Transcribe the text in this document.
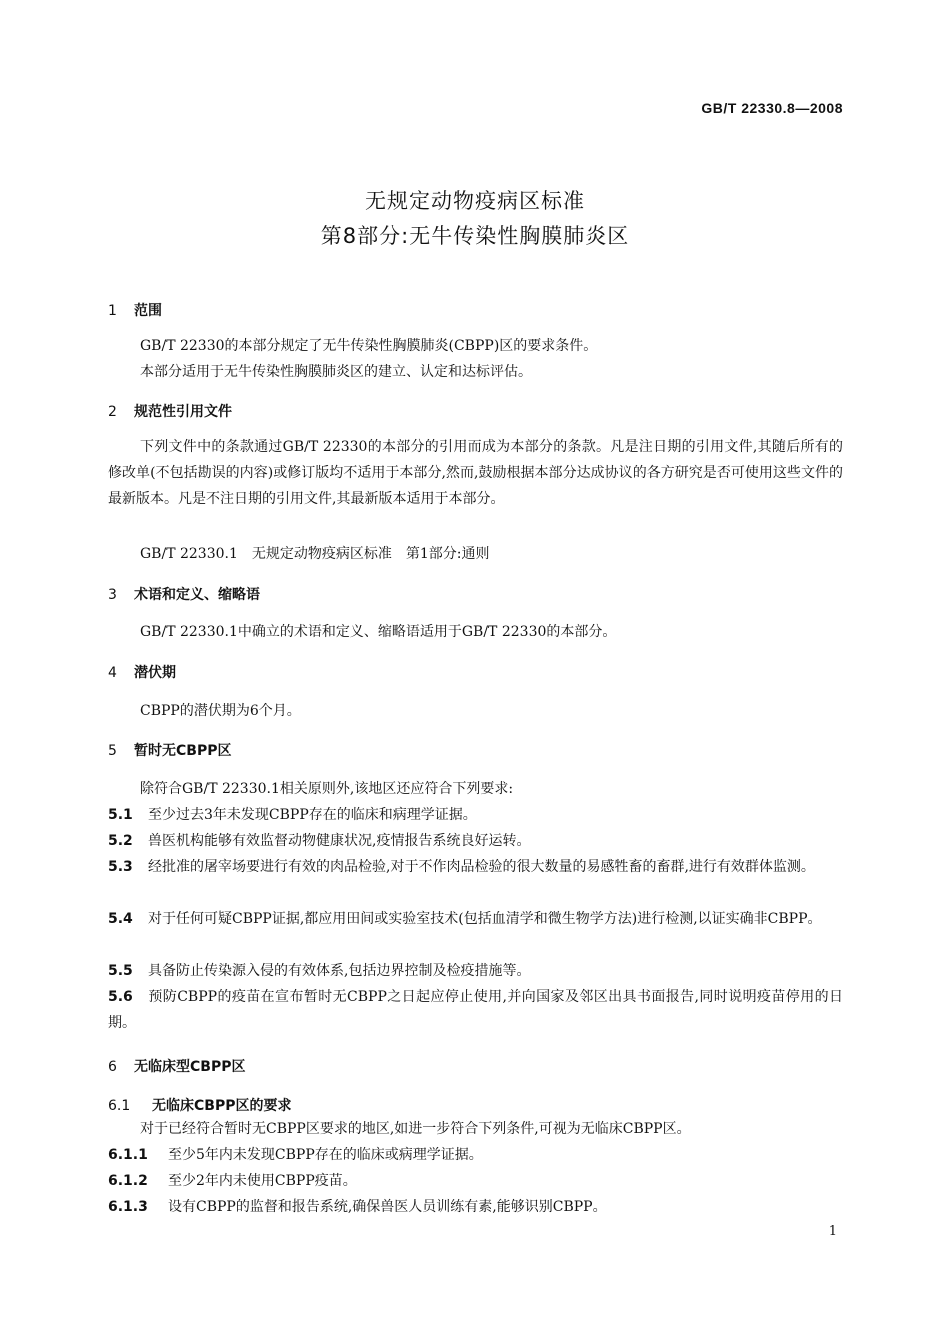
GB/T 22330.8—2008
无规定动物疫病区标准
第8部分:无牛传染性胸膜肺炎区
1 范围
GB/T 22330的本部分规定了无牛传染性胸膜肺炎(CBPP)区的要求条件。
本部分适用于无牛传染性胸膜肺炎区的建立、认定和达标评估。
2 规范性引用文件
下列文件中的条款通过GB/T 22330的本部分的引用而成为本部分的条款。凡是注日期的引用文件,其随后所有的修改单(不包括勘误的内容)或修订版均不适用于本部分,然而,鼓励根据本部分达成协议的各方研究是否可使用这些文件的最新版本。凡是不注日期的引用文件,其最新版本适用于本部分。
GB/T 22330.1　无规定动物疫病区标准　第1部分:通则
3 术语和定义、缩略语
GB/T 22330.1中确立的术语和定义、缩略语适用于GB/T 22330的本部分。
4 潜伏期
CBPP的潜伏期为6个月。
5 暂时无CBPP区
除符合GB/T 22330.1相关原则外,该地区还应符合下列要求:
5.1 至少过去3年未发现CBPP存在的临床和病理学证据。
5.2 兽医机构能够有效监督动物健康状况,疫情报告系统良好运转。
5.3 经批准的屠宰场要进行有效的肉品检验,对于不作肉品检验的很大数量的易感牲畜的畜群,进行有效群体监测。
5.4 对于任何可疑CBPP证据,都应用田间或实验室技术(包括血清学和微生物学方法)进行检测,以证实确非CBPP。
5.5 具备防止传染源入侵的有效体系,包括边界控制及检疫措施等。
5.6 预防CBPP的疫苗在宣布暂时无CBPP之日起应停止使用,并向国家及邻区出具书面报告,同时说明疫苗停用的日期。
6 无临床型CBPP区
6.1 无临床CBPP区的要求
对于已经符合暂时无CBPP区要求的地区,如进一步符合下列条件,可视为无临床CBPP区。
6.1.1 至少5年内未发现CBPP存在的临床或病理学证据。
6.1.2 至少2年内未使用CBPP疫苗。
6.1.3 设有CBPP的监督和报告系统,确保兽医人员训练有素,能够识别CBPP。
1
